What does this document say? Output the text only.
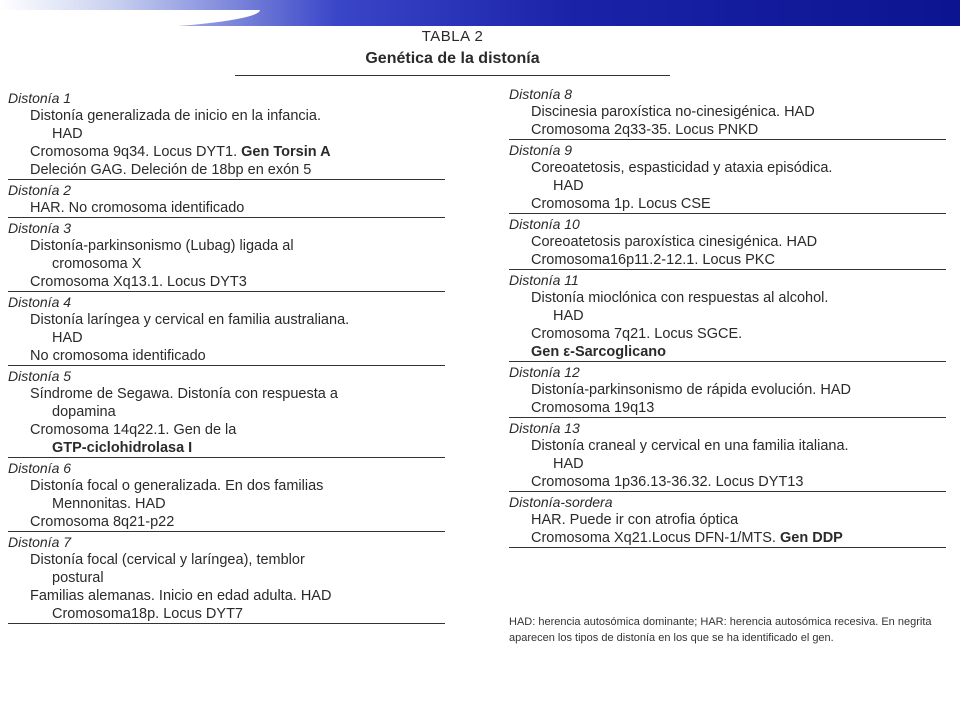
TABLA 2
Genética de la distonía
Distonía 1
Distonía generalizada de inicio en la infancia.
HAD
Cromosoma 9q34. Locus DYT1. Gen Torsin A
Deleción GAG. Deleción de 18bp en exón 5
Distonía 2
HAR. No cromosoma identificado
Distonía 3
Distonía-parkinsonismo (Lubag) ligada al
cromosoma X
Cromosoma Xq13.1. Locus DYT3
Distonía 4
Distonía laríngea y cervical en familia australiana.
HAD
No cromosoma identificado
Distonía 5
Síndrome de Segawa. Distonía con respuesta a
dopamina
Cromosoma 14q22.1. Gen de la
GTP-ciclohidrolasa I
Distonía 6
Distonía focal o generalizada. En dos familias
Mennonitas. HAD
Cromosoma 8q21-p22
Distonía 7
Distonía focal (cervical y laríngea), temblor
postural
Familias alemanas. Inicio en edad adulta. HAD
Cromosoma18p. Locus DYT7
Distonía 8
Discinesia paroxística no-cinesigénica. HAD
Cromosoma 2q33-35. Locus PNKD
Distonía 9
Coreoatetosis, espasticidad y ataxia episódica.
HAD
Cromosoma 1p. Locus CSE
Distonía 10
Coreoatetosis paroxística cinesigénica. HAD
Cromosoma16p11.2-12.1. Locus PKC
Distonía 11
Distonía mioclónica con respuestas al alcohol.
HAD
Cromosoma 7q21. Locus SGCE.
Gen ε-Sarcoglicano
Distonía 12
Distonía-parkinsonismo de rápida evolución. HAD
Cromosoma 19q13
Distonía 13
Distonía craneal y cervical en una familia italiana.
HAD
Cromosoma 1p36.13-36.32. Locus DYT13
Distonía-sordera
HAR. Puede ir con atrofia óptica
Cromosoma Xq21.Locus DFN-1/MTS. Gen DDP
HAD: herencia autosómica dominante; HAR: herencia autosómica recesiva. En negrita aparecen los tipos de distonía en los que se ha identificado el gen.
